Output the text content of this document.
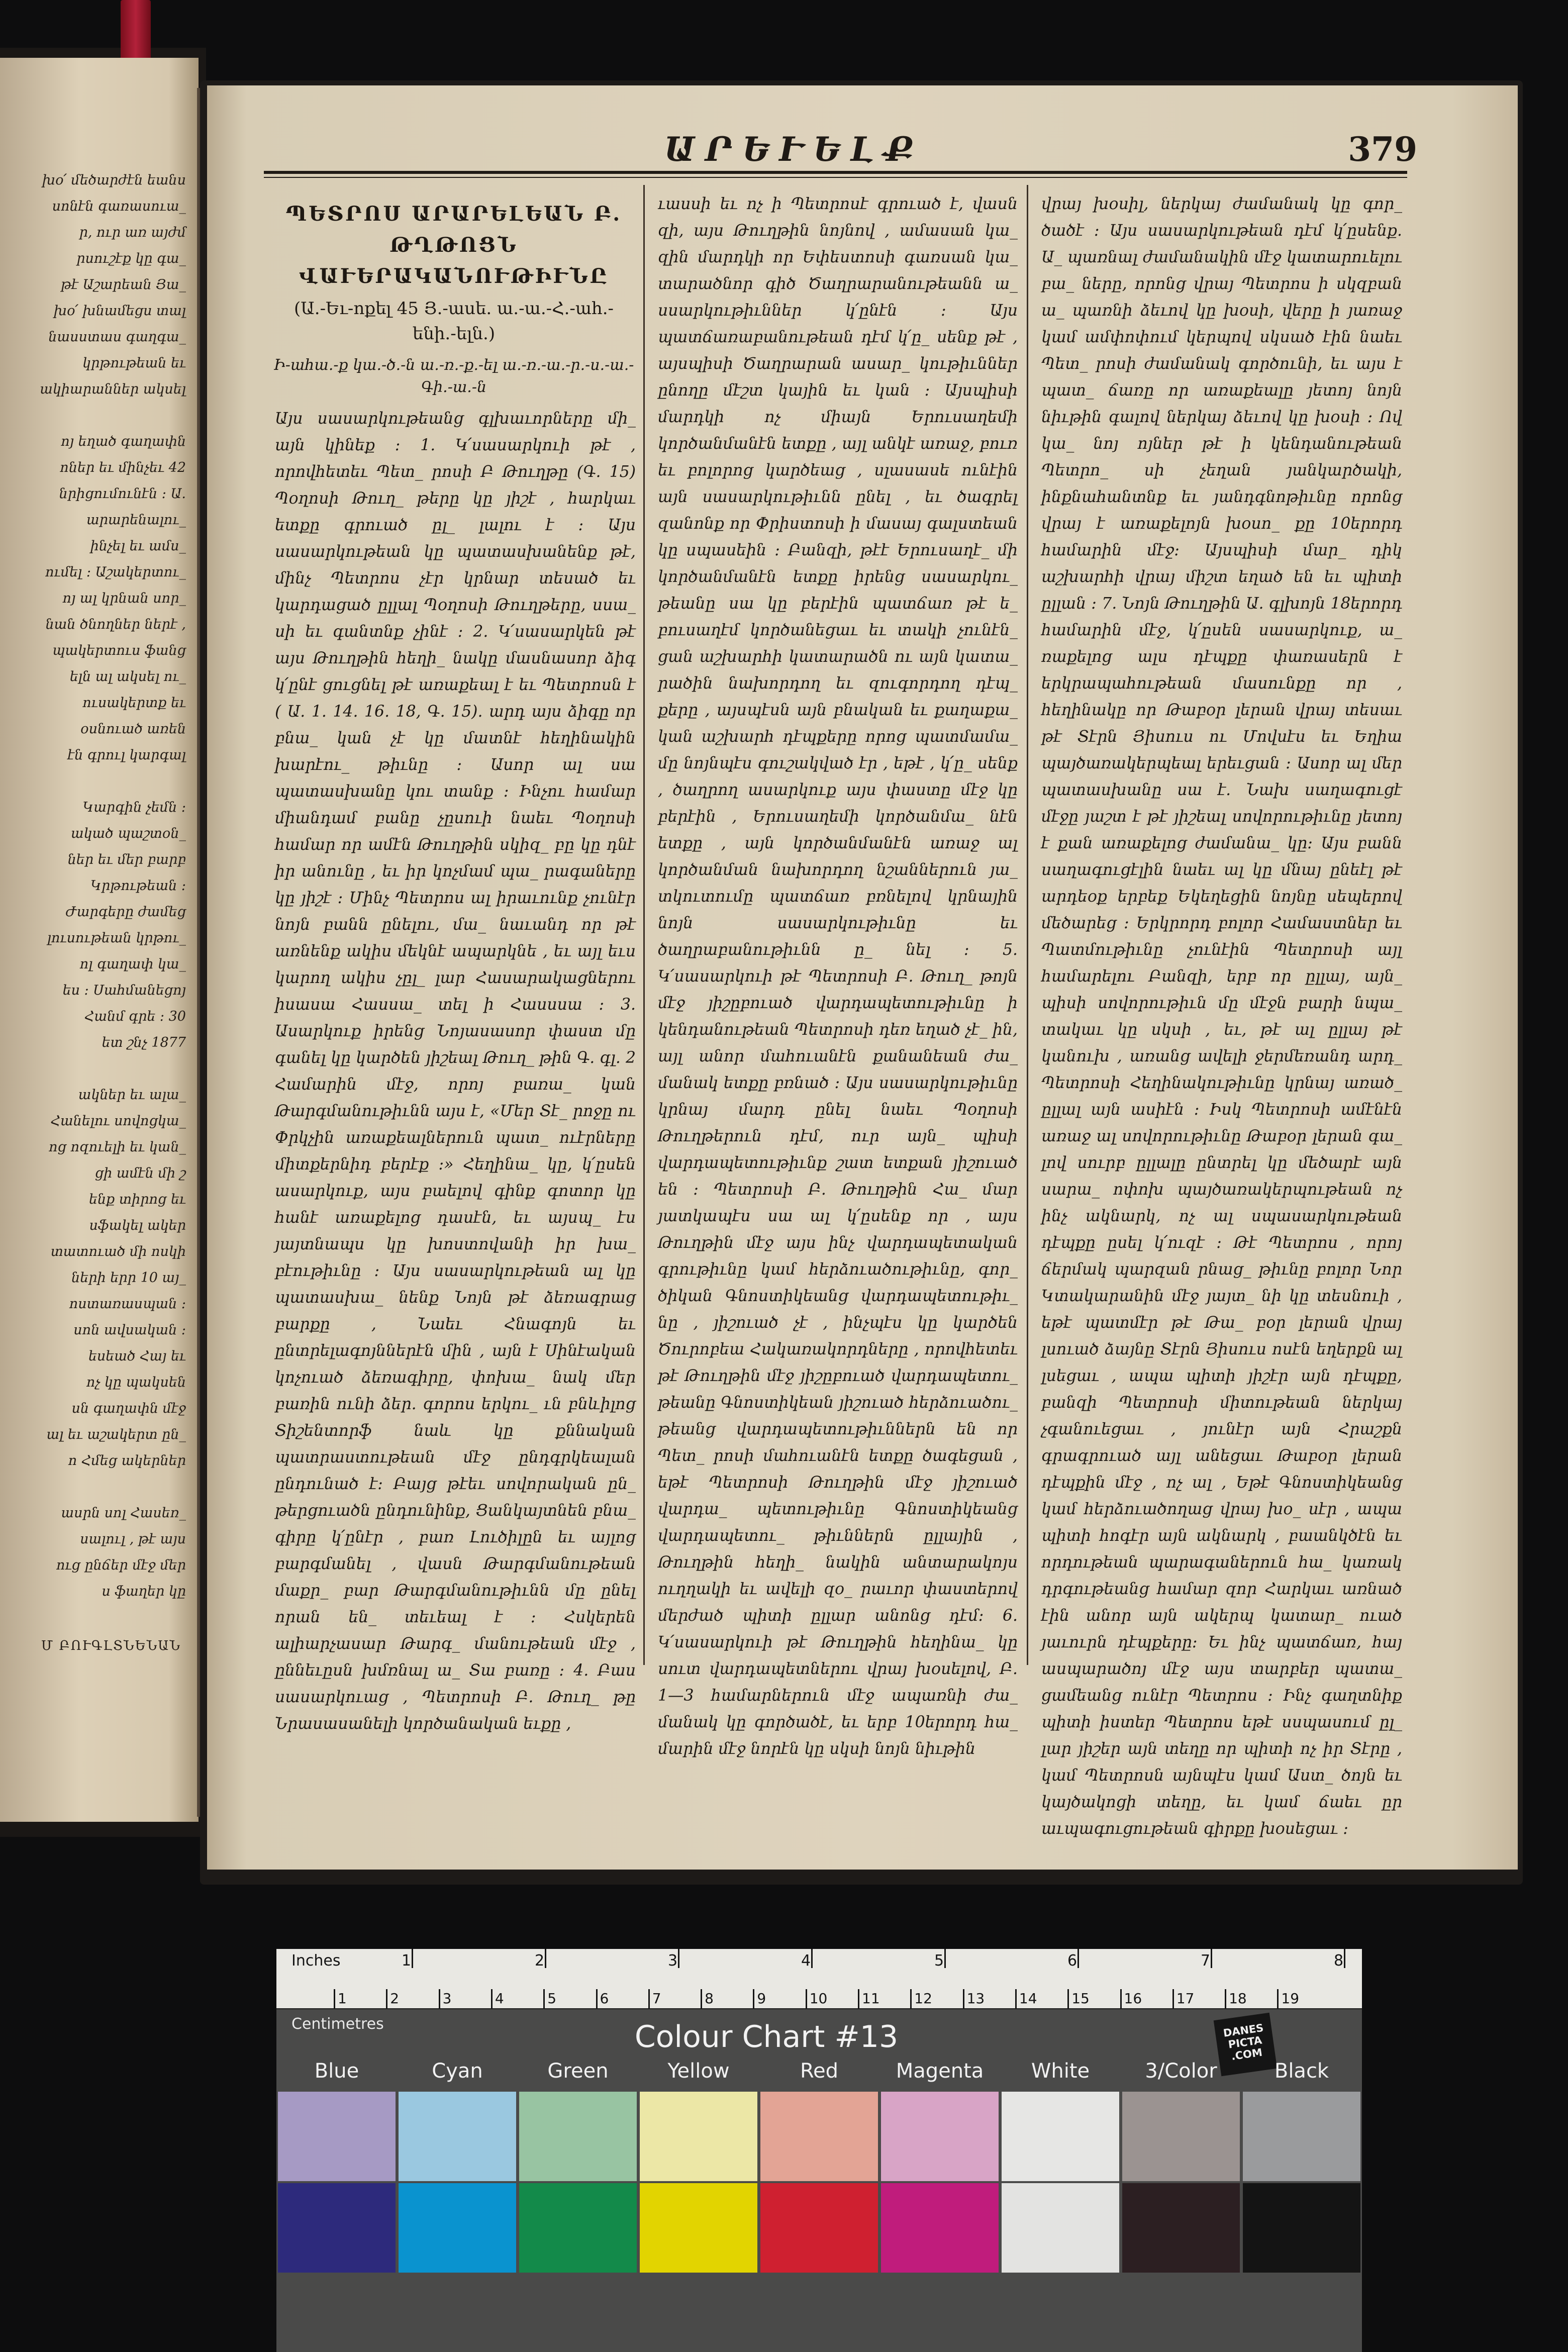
խօ՛ մեծարժէն եանս
սոնէն գառասուա_
ր, ուր առ այժմ
րսուշէք կը գա_
թէ Աշարեան Յա_
խօ՛ խնամեցս տալ
նասստաս գաղգա_
կրթութեան եւ
ակիարաններ ակսել
ոյ եղած գաղափն
ոներ եւ մինչեւ 42
նրիցումունէն ։ Ա.
արարենալու_
ինչել եւ ամս_
ումել ։ Աշակերտու_
ոյ ալ կրնան սոր_
նան ծնողներ ներէ ,
պակերտուս ֆանց
ելն ալ ակսել ու_
ուսակերտք եւ
օսնուած առեն
էն գրուլ կարգալ
Կարգին չեմն ։
ակած պաշտօն_
ներ եւ մեր բարբ
Կրթութեան ։
Ժարգերը ժամեց
լուսութեան կրթու_
ոլ գաղափ կա_
ես ։ Սահմանեցոյ
Հանմ գրե ։ 30
ետ շնչ 1877
ակներ եւ ալա_
Հանելու սովոցկա_
ոց ոզուելի եւ կան_
ցի ամէն մի շ
ենք տիրոց եւ
սֆակել ակեր
տատուած մի ոսկի
ների երր 10 այ_
ոստառասպան ։
սոն ավսական ։
եսեած Հայ եւ
ոչ կը պակսեն
սն գաղափն մէջ
ալ եւ աշակերտ ըն_
ո Հմեց ակերներ
ասրն սոլ Հասեռ_
սալուլ , թէ այս
ուց ընճեր մէջ մեր
ս ֆաղեր կը
Մ ԲՈՒԳԼՏՆԵՆԱՆ
ԱՐԵՒԵԼՔ	379
ՊԵՏՐՈՍ ԱՐԱՐԵԼԵԱՆ Բ. ԹՂԹՈՑՆ ՎԱՒԵՐԱԿԱՆՈՒԹԻՒՆԸ
(Ա.-Եւ-ոքել 45 Յ.-ասե. ա.-ա.-Հ.-ահ.-ենի.-ելն.)
Ի-ահա.-ք կա.-ծ.-ն ա.-ռ.-ք.-ել ա.-ռ.-ա.-ր.-ս.-ա.-Գի.-ա.-ն
Այս սասարկութեանց գլխաւորները մի_ այն կինեք ։ 1. Կ՛սասարկուի թէ , որովհետեւ Պետ_ րոսի Բ Թուղթը (Գ. 15) Պօղոսի Թուղ_ թերը կը յիշէ , հարկաւ ետքը գրուած ըլ_ լալու է ։ Այս սասարկութեան կը պատասխանենք թէ, մինչ Պետրոս չէր կրնար տեսած եւ կարդացած ըլլալ Պօղոսի Թուղթերը, սսա_ սի եւ գանտնք չինէ ։ 2. Կ՛սասարկեն թէ այս Թուղթին հեղի_ նակը մասնասոր ձիգ կ՛ընէ ցուցնել թէ առաքեալ է եւ Պետրոսն է ( Ա. 1. 14. 16. 18, Գ. 15). արդ այս ձիգը որ բնա_ կան չէ կը մատնէ հեղինակին խարէու_ թիւնը ։ Ասոր ալ սա պատասխանը կու տանք ։ Ինչու համար միանդամ բանը չըսուի նաեւ Պօղոսի համար որ ամէն Թուղթին սկիզ_ բը կը դնէ իր անունը , եւ իր կոչմամ պա_ րագաները կը յիշէ ։ Մինչ Պետրոս ալ իրաւունք չունէր նոյն բանն ընելու, մա_ նաւանդ որ թէ առնենք ակիս մեկնէ ապարկնե , եւ այլ եւս կարող ակիս չըլ_ լար Հասարակացներու իսասա Հասսա_ տել ի Հասսսա ։ 3. Ասարկուք իրենց Նոյասասոր փաստ մը գանել կը կարծեն յիշեալ Թուղ_ թին Գ. գլ. 2 Համարին մէջ, որոյ բառա_ կան Թարգմանութիւնն այս է, «Մեր Տէ_ րոջը ու Փրկչին առաքեալներուն պատ_ ուէրները միտքերնիդ բերէք ։» Հեղինա_ կը, կ՛ըսեն ասարկուք, այս բաելով գինք գոտոր կը հանէ առաքելոց դասէն, եւ այսպ_ էս յայտնապս կը խոստովանի իր խա_ բէութիւնը ։ Այս սասարկութեան ալ կը պատասխա_ նենք Նոյն թէ ձեռագրաց բարքը , Նաեւ Հնագոյն եւ ընտրելագոյններէն մին , այն է Սինէական կոչուած ձեռագիրը, փոխա_ նակ մեր բառին ունի ձեր. գորոս երկու_ ւն բնևիլոց Տիշենտորֆ նաև կը քննական պատրաստութեան մէջ ընդգրկեալան ընդունած է: Բայց թէեւ սովորական ըն_ թերցուածն ընդունինք, Ցանկայտնեն բնա_ գիրը կ՛ընէր , բառ Լուծիլըն եւ այլոց բարգմանել , վասն Թարգմանութեան մաքր_ բար Թարգմանութիւնն մը ընել որան են_ տեւեալ է ։ Հսկերեն ալիարչասար Թարգ_ մանութեան մէջ , ըննեւըսն խմռնալ ա_ Տա բառը ։ 4. Բաս սասարկուաց , Պետրոսի Բ. Թուղ_ թը Նրասասանելի կործանական եւքը ,
ւասսի եւ ոչ ի Պետրոսէ գրուած է, վասն զի, այս Թուղթին նոյնով , ամասան կա_ զին մարդկի որ Եփեստոսի գառսան կա_ տարածնոր գիծ Ծաղրարանութեանն ա_ սսարկութիւններ կ՛ընէն ։ Այս պատճառաբանութեան դէմ կ՛ը_ սենք թէ , այսպիսի Ծաղրարան ասար_ կութիւններ ընողը մէշտ կային եւ կան ։ Այսպիսի մարդկի ոչ միայն Երուսաղեմի կործանմանէն ետքը , այլ անկէ առաջ, բուռ եւ բոլորոց կարծեաց , սլասասե ունէին այն սասարկութիւնն ընել , եւ ծագրել զանոնք որ Փրիստոսի ի մասայ գալստեան կը սպասեին ։ Բանզի, թէէ Երուսաղէ_ մի կործանմանէն ետքը իրենց սասարկու_ թեանը սա կը բերէին պատճառ թէ ե_ բուսաղէմ կործանեցաւ եւ տակի չունէն_ ցան աշխարհի կատարածն ու այն կատա_ րածին նախորդող եւ զուգորդող դէպ_ քերը , այսպէսն այն բնական եւ քաղաքա_ կան աշխարհ դէպքերը որոց պատմամա_ մը նոյնպէս գուշակված էր , եթէ , կ՛ը_ սենք , ծաղրող ասարկուք այս փաստը մէջ կը բերէին , Երուսաղեմի կործանմա_ նէն ետքը , այն կործանմանէն առաջ ալ կործանման նախորդող նշաններուն յա_ տկուտումը պատճառ բռնելով կրնային նոյն սասարկութիւնը եւ ծաղրաբանութիւնն ը_ նել ։ 5. Կ՛սասարկուի թէ Պետրոսի Բ. Թուղ_ թոյն մէջ յիշըբուած վարդապետութիւնը ի կենդանութեան Պետրոսի դեռ եղած չէ_ ին, այլ անոր մահուանէն քանանեան ժա_ մանակ ետքը բռնած ։ Այս սասարկութիւնը կրնայ մարդ ընել նաեւ Պօղոսի Թուղթերուն դէմ, ուր այն_ պիսի վարդապետութիւնք շատ ետքան յիշուած են ։ Պետրոսի Բ. Թուղթին Հա_ մար յատկապէս սա ալ կ՛ըսենք որ , այս Թուղթին մէջ այս ինչ վարդապետական գրութիւնը կամ հերձուածութիւնը, գոր_ ծիկան Գնոստիկեանց վարդապետութիւ_ նը , յիշուած չէ , ինչպէս կը կարծեն Ծուրոբեա Հակառակորդները , որովհետեւ թէ Թուղթին մէջ յիշըբուած վարդապետու_ թեանը Գնոստիկեան յիշուած հերձուածու_ թեանց վարդապետութիւններն են որ Պետ_ րոսի մահուանէն ետքը ծագեցան , եթէ Պետրոսի Թուղթին մէջ յիշուած վարդա_ պետութիւնը Գնոստիկեանց վարդապետու_ թիւններն ըլլային , Թուղթին հեղի_ նակին անտարակոյս ուղղակի եւ ավելի զօ_ րաւոր փաստերով մերժած պիտի ըլլար անոնց դէմ։ 6. Կ՛սասարկուի թէ Թուղթին հեղինա_ կը սուտ վարդապետներու վրայ խօսելով, Բ. 1—3 համարներուն մէջ ապառնի ժա_ մանակ կը գործածէ, եւ երբ 10երորդ հա_ մարին մէջ նորէն կը սկսի նոյն նիւթին
վրայ խօսիլ, ներկայ ժամանակ կը գոր_ ծածէ ։ Այս սասարկութեան դէմ կ՛ըսենք. Ա_ պառնալ ժամանակին մէջ կատարուելու բա_ ները, որոնց վրայ Պետրոս ի սկզբան ա_ պառնի ձեւով կը խօսի, վերը ի յառաջ կամ ամփոփում կերպով սկսած էին նաեւ Պետ_ րոսի ժամանակ գործունի, եւ այս է պատ_ ճառը որ առաքեալը յետոյ նոյն նիւթին գալով ներկայ ձեւով կը խօսի ։ Ով կա_ նոյ ոյներ թէ ի կենդանութեան Պետրո_ սի չեղան յանկարծակի, ինքնահանտնք եւ յանդգնոթիւնը որոնց վրայ է առաքելոյն խօսո_ քը 10երորդ համարին մէջ։ Այսպիսի մար_ դիկ աշխարհի վրայ միշտ եղած են եւ պիտի ըլլան ։ 7. Նոյն Թուղթին Ա. գլխոյն 18երորդ համարին մէջ, կ՛ըսեն սասարկուք, ա_ ռաքելոց ալս դէպքը փառասերն է երկրապահութեան մասունքը որ , հեղինակը որ Թաբօր լերան վրայ տեսաւ թէ Տէրն Յիսուս ու Մովսէս եւ Եղիա պայծառակերպեալ երեւցան ։ Ասոր ալ մեր պատասխանը սա է. Նախ սաղագուցէ մէջը յաշտ է թէ յիշեալ սովորութիւնը յետոյ է քան առաքելոց ժամանա_ կը։ Այս բանն սաղագուցէլին նաեւ ալ կը մնայ ընեէլ թէ արդեօք երբեք Եկեղեցին նոյնը սեպերով մեծարեց ։ Երկրորդ բոլոր Համաստներ եւ Պատմութիւնը չունէին Պետրոսի այլ համարելու Բանզի, երբ որ ըլլայ, այն_ պիսի սովորութիւն մը մէջն բարի նպա_ տակաւ կը սկսի , եւ, թէ ալ ըլլայ թէ կանուխ , առանց ավելի ջերմեռանդ արդ_ Պետրոսի Հեղինակութիւնը կրնայ առած_ ըլլալ այն ասիէն ։ Իսկ Պետրոսի ամէնէն առաջ ալ սովորութիւնը Թաբօր լերան գա_ լով սուրբ ըլլալը ընտրել կը մեծարէ այն սարա_ ոփոխ պայծառակերպութեան ոչ ինչ ակնարկ, ոչ ալ սպասարկութեան դէպքը ըսել կ՛ուզէ ։ Թէ Պետրոս , որոյ ճերմակ պարզան րնաց_ թիւնը բոլոր Նոր Կտակարանին մէջ յայտ_ նի կը տեսնուի , եթէ պատմէր թէ Թա_ բօր լերան վրայ լսուած ձայնը Տէրն Յիսուս ոսէն եղերքն ալ լսեցաւ , ապա պիտի յիշէր այն դէպքը, բանզի Պետրոսի միտութեան ներկայ չգանուեցաւ , յունէր այն Հրաշքն գրագրուած այլ անեցաւ Թաբօր լերան դէպքին մէջ , ոչ ալ , Եթէ Գնոստիկեանց կամ հերձուածողաց վրայ խօ_ սէր , ապա պիտի հոգէր այն ակնարկ , բաանկծէն եւ որդութեան պարագաներուն հա_ կառակ դրգութեանց համար զոր Հարկաւ առնած էին անոր այն ակերպ կատար_ ուած յաւուրն դէպքերը։ Եւ ինչ պատճառ, հայ ասպարածոյ մէջ այս տարբեր պատա_ ցամեանց ունէր Պետրոս ։ Ինչ գաղտնիք պիտի իստեր Պետրոս եթէ սսպասում ըլ_ լար յիշեր այն տեղը որ պիտի ոչ իր Տէրը , կամ Պետրոսն այնպէս կամ Աստ_ ծոյն եւ կայծակոցի տեղը, եւ կամ ճաեւ ըր աւպագուցութեան գիրքը խօսեցաւ ։
1	2	3	4	5	6	7	8
1	2	3	4	5	6	7	8	9	10 11 12 13 14 15 16 17 18 19
Inches
Centimetres	Colour Chart #13	DANES PICTA .COM
Blue	Cyan	Green	Yellow	Red	Magenta	White	3/Color	Black
